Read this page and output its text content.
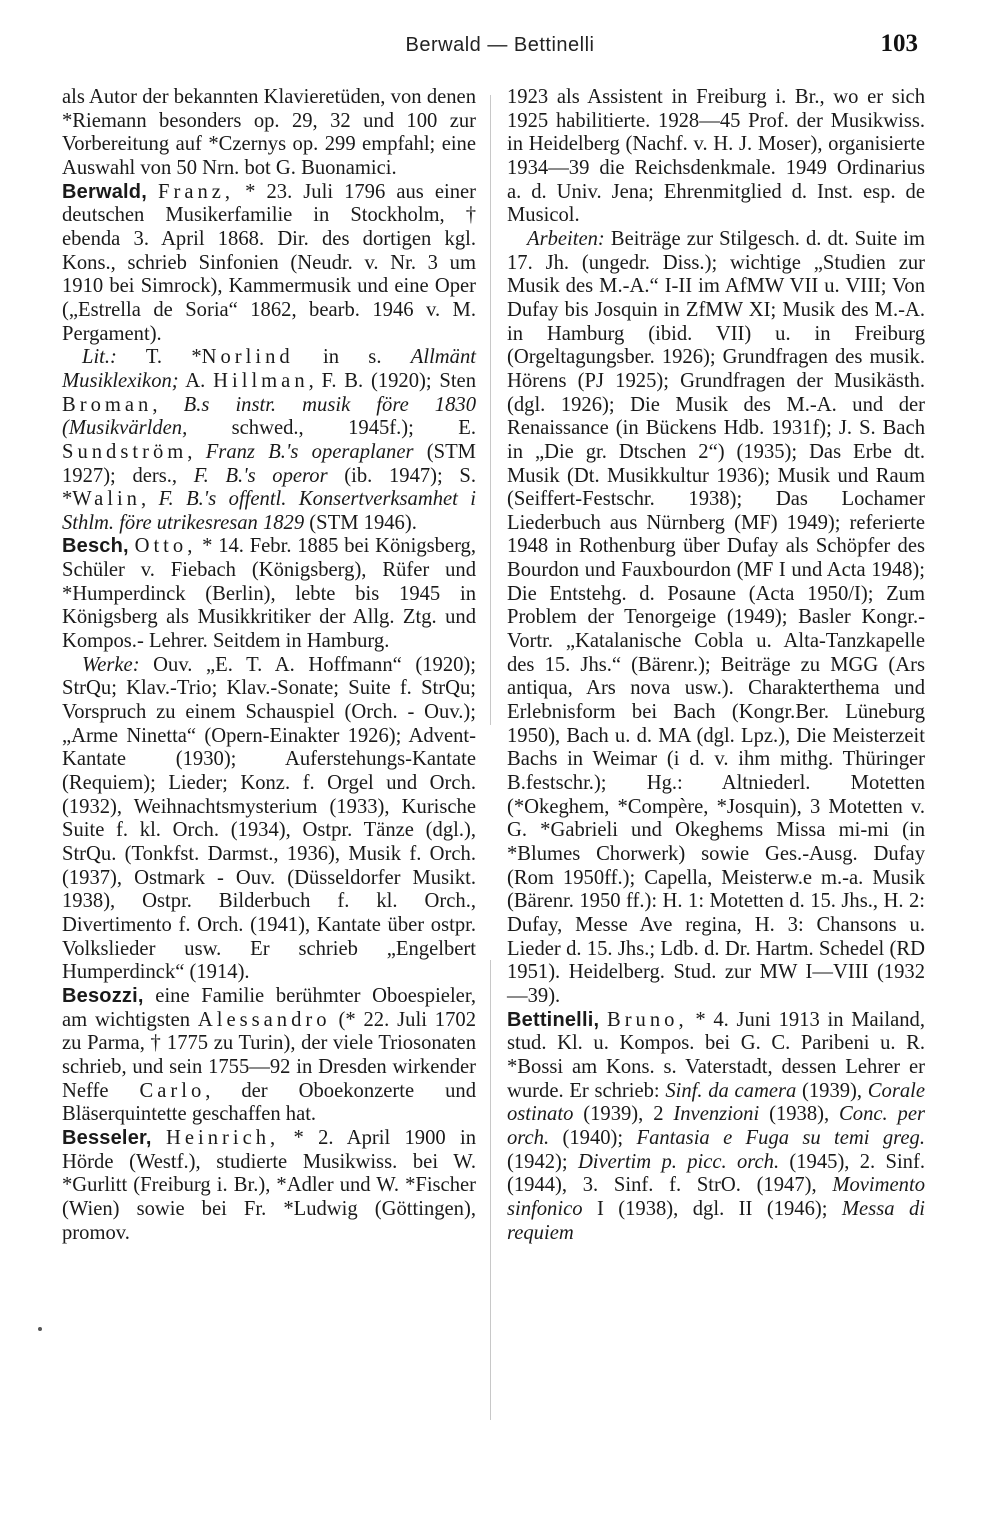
Berwald — Bettinelli	103

als Autor der bekannten Klavieretüden, von denen *Riemann besonders op. 29, 32 und 100 zur Vorbereitung auf *Czernys op. 299 empfahl; eine Auswahl von 50 Nrn. bot G. Buonamici.

Berwald, Franz, * 23. Juli 1796 aus einer deutschen Musikerfamilie in Stockholm, † ebenda 3. April 1868. Dir. des dortigen kgl. Kons., schrieb Sinfonien (Neudr. v. Nr. 3 um 1910 bei Simrock), Kammermusik und eine Oper („Estrella de Soria“ 1862, bearb. 1946 v. M. Pergament).

Lit.: T. *Norlind in s. Allmänt Musiklexikon; A. Hillman, F. B. (1920); Sten Broman, B.s instr. musik före 1830 (Musikvärlden, schwed., 1945f.); E. Sundström, Franz B.'s operaplaner (STM 1927); ders., F. B.'s operor (ib. 1947); S. *Walin, F. B.'s offentl. Konsertverksamhet i Sthlm. före utrikesresan 1829 (STM 1946).

Besch, Otto, * 14. Febr. 1885 bei Königsberg, Schüler v. Fiebach (Königsberg), Rüfer und *Humperdinck (Berlin), lebte bis 1945 in Königsberg als Musikkritiker der Allg. Ztg. und Kompos.- Lehrer. Seitdem in Hamburg.

Werke: Ouv. „E. T. A. Hoffmann“ (1920); StrQu; Klav.-Trio; Klav.-Sonate; Suite f. StrQu; Vorspruch zu einem Schauspiel (Orch. - Ouv.); „Arme Ninetta“ (Opern-Einakter 1926); Advent-Kantate (1930); Auferstehungs-Kantate (Requiem); Lieder; Konz. f. Orgel und Orch. (1932), Weihnachtsmysterium (1933), Kurische Suite f. kl. Orch. (1934), Ostpr. Tänze (dgl.), StrQu. (Tonkfst. Darmst., 1936), Musik f. Orch. (1937), Ostmark - Ouv. (Düsseldorfer Musikt. 1938), Ostpr. Bilderbuch f. kl. Orch., Divertimento f. Orch. (1941), Kantate über ostpr. Volkslieder usw. Er schrieb „Engelbert Humperdinck“ (1914).

Besozzi, eine Familie berühmter Oboespieler, am wichtigsten Alessandro (* 22. Juli 1702 zu Parma, † 1775 zu Turin), der viele Triosonaten schrieb, und sein 1755—92 in Dresden wirkender Neffe Carlo, der Oboekonzerte und Bläserquintette geschaffen hat.

Besseler, Heinrich, * 2. April 1900 in Hörde (Westf.), studierte Musikwiss. bei W. *Gurlitt (Freiburg i. Br.), *Adler und W. *Fischer (Wien) sowie bei Fr. *Ludwig (Göttingen), promov.

1923 als Assistent in Freiburg i. Br., wo er sich 1925 habilitierte. 1928—45 Prof. der Musikwiss. in Heidelberg (Nachf. v. H. J. Moser), organisierte 1934—39 die Reichsdenkmale. 1949 Ordinarius a. d. Univ. Jena; Ehrenmitglied d. Inst. esp. de Musicol.

Arbeiten: Beiträge zur Stilgesch. d. dt. Suite im 17. Jh. (ungedr. Diss.); wichtige „Studien zur Musik des M.-A.“ I-II im AfMW VII u. VIII; Von Dufay bis Josquin in ZfMW XI; Musik des M.-A. in Hamburg (ibid. VII) u. in Freiburg (Orgeltagungsber. 1926); Grundfragen des musik. Hörens (PJ 1925); Grundfragen der Musikästh. (dgl. 1926); Die Musik des M.-A. und der Renaissance (in Bückens Hdb. 1931f); J. S. Bach in „Die gr. Dtschen 2“) (1935); Das Erbe dt. Musik (Dt. Musikkultur 1936); Musik und Raum (Seiffert-Festschr. 1938); Das Lochamer Liederbuch aus Nürnberg (MF) 1949); referierte 1948 in Rothenburg über Dufay als Schöpfer des Bourdon und Fauxbourdon (MF I und Acta 1948); Die Entstehg. d. Posaune (Acta 1950/I); Zum Problem der Tenorgeige (1949); Basler Kongr.-Vortr. „Katalanische Cobla u. Alta-Tanzkapelle des 15. Jhs.“ (Bärenr.); Beiträge zu MGG (Ars antiqua, Ars nova usw.). Charakterthema und Erlebnisform bei Bach (Kongr.Ber. Lüneburg 1950), Bach u. d. MA (dgl. Lpz.), Die Meisterzeit Bachs in Weimar (i d. v. ihm mithg. Thüringer B.festschr.); Hg.: Altniederl. Motetten (*Okeghem, *Compère, *Josquin), 3 Motetten v. G. *Gabrieli und Okeghems Missa mi-mi (in *Blumes Chorwerk) sowie Ges.-Ausg. Dufay (Rom 1950ff.); Capella, Meisterw.e m.-a. Musik (Bärenr. 1950 ff.): H. 1: Motetten d. 15. Jhs., H. 2: Dufay, Messe Ave regina, H. 3: Chansons u. Lieder d. 15. Jhs.; Ldb. d. Dr. Hartm. Schedel (RD 1951). Heidelberg. Stud. zur MW I—VIII (1932—39).

Bettinelli, Bruno, * 4. Juni 1913 in Mailand, stud. Kl. u. Kompos. bei G. C. Paribeni u. R. *Bossi am Kons. s. Vaterstadt, dessen Lehrer er wurde. Er schrieb: Sinf. da camera (1939), Corale ostinato (1939), 2 Invenzioni (1938), Conc. per orch. (1940); Fantasia e Fuga su temi greg. (1942); Divertim p. picc. orch. (1945), 2. Sinf. (1944), 3. Sinf. f. StrO. (1947), Movimento sinfonico I (1938), dgl. II (1946); Messa di requiem
